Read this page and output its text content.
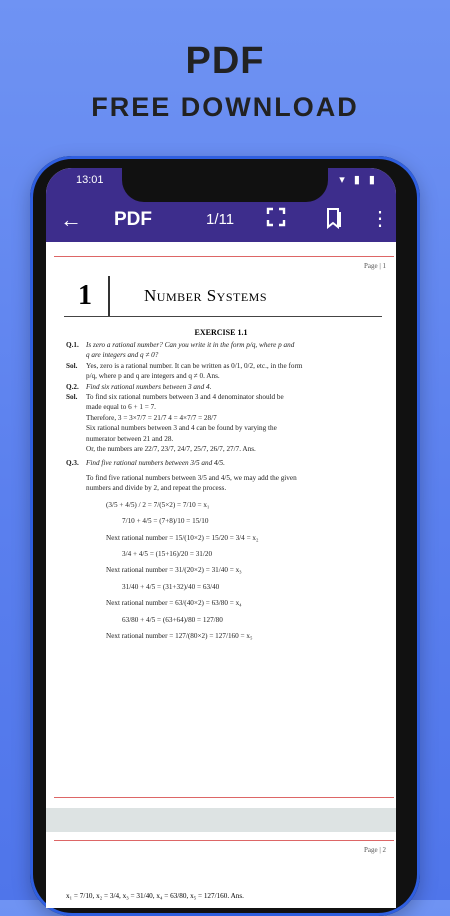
PDF
FREE DOWNLOAD
13:01	▾ ▮ ▮
← PDF	1/11	⋮
Page | 1
1	Number Systems
EXERCISE 1.1

Q.1. Is zero a rational number? Can you write it in the form p/q, where p and

q are integers and q ≠ 0?

Sol. Yes, zero is a rational number. It can be written as 0/1, 0/2, etc., in the form

p/q, where p and q are integers and q ≠ 0. Ans.

Q.2. Find six rational numbers between 3 and 4.

Sol. To find six rational numbers between 3 and 4 denominator should be

made equal to 6 + 1 = 7.

Therefore, 3 = 3×7/7 = 21/7 4 = 4×7/7 = 28/7

Six rational numbers between 3 and 4 can be found by varying the

numerator between 21 and 28.

Or, the numbers are 22/7, 23/7, 24/7, 25/7, 26/7, 27/7. Ans.

Q.3. Find five rational numbers between 3/5 and 4/5.

To find five rational numbers between 3/5 and 4/5, we may add the given

numbers and divide by 2, and repeat the process.

(3/5 + 4/5) / 2 = 7/(5×2) = 7/10 = x₁

7/10 + 4/5 = (7+8)/10 = 15/10

Next rational number = 15/(10×2) = 15/20 = 3/4 = x₂

3/4 + 4/5 = (15+16)/20 = 31/20

Next rational number = 31/(20×2) = 31/40 = x₃

31/40 + 4/5 = (31+32)/40 = 63/40

Next rational number = 63/(40×2) = 63/80 = x₄

63/80 + 4/5 = (63+64)/80 = 127/80

Next rational number = 127/(80×2) = 127/160 = x₅

Page | 2
x₁ = 7/10, x₂ = 3/4, x₃ = 31/40, x₄ = 63/80, x₅ = 127/160. Ans.
